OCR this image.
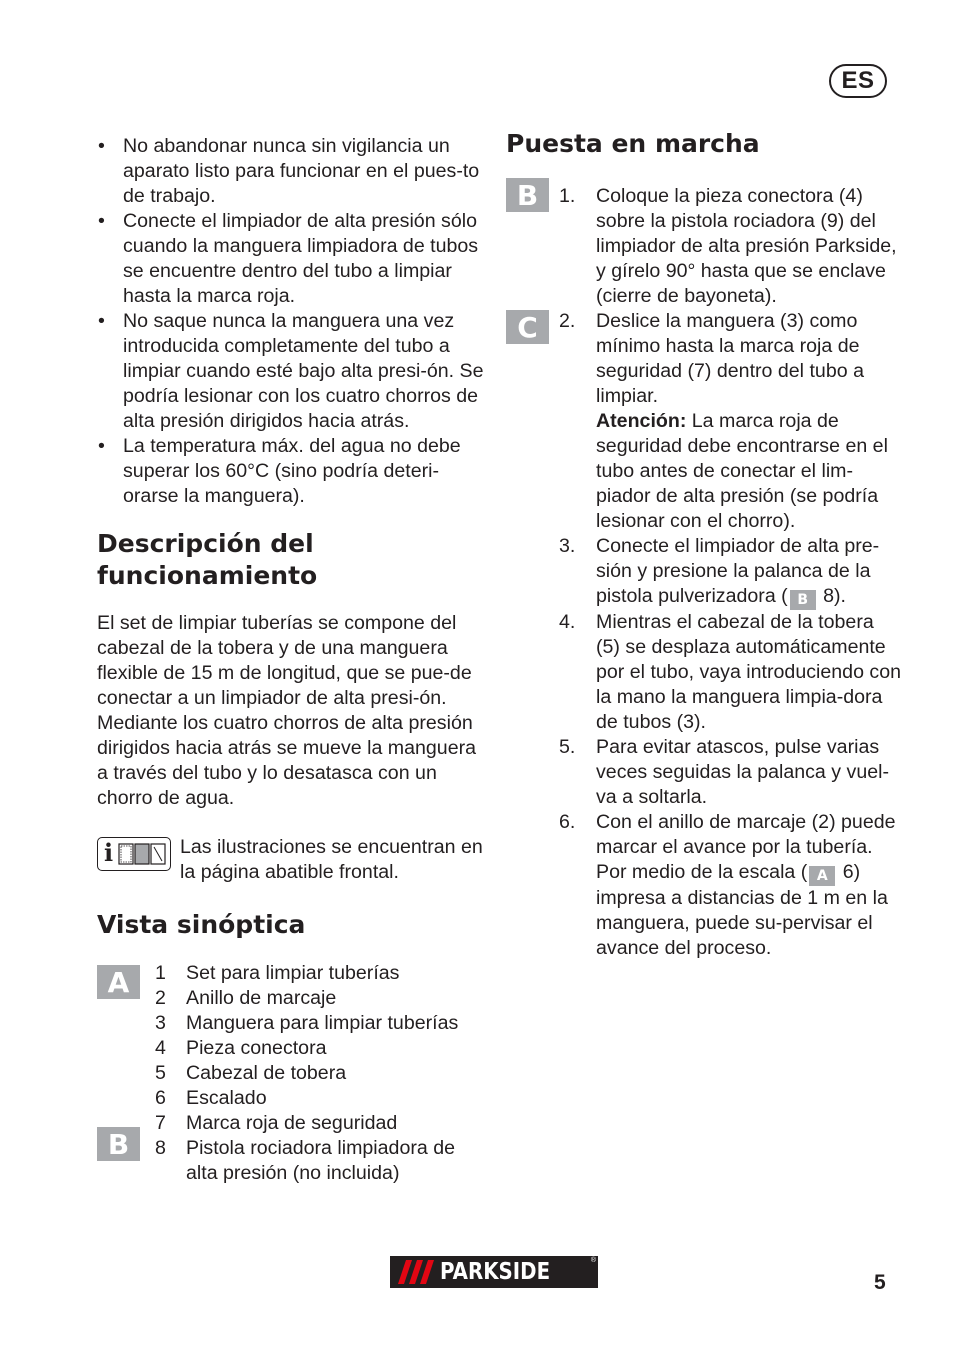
ES
• No abandonar nunca sin vigilancia un aparato listo para funcionar en el pues-to de trabajo.
• Conecte el limpiador de alta presión sólo cuando la manguera limpiadora de tubos se encuentre dentro del tubo a limpiar hasta la marca roja.
• No saque nunca la manguera una vez introducida completamente del tubo a limpiar cuando esté bajo alta presi-ón. Se podría lesionar con los cuatro chorros de alta presión dirigidos hacia atrás.
• La temperatura máx. del agua no debe superar los 60°C (sino podría deteri-orarse la manguera).
Descripción del
funcionamiento

El set de limpiar tuberías se compone del cabezal de la tobera y de una manguera flexible de 15 m de longitud, que se pue-de conectar a un limpiador de alta presi-ón. Mediante los cuatro chorros de alta presión dirigidos hacia atrás se mueve la manguera a través del tubo y lo desatasca con un chorro de agua.

i	Las ilustraciones se encuentran en la página abatible frontal.
Vista sinóptica
A
B
1	Set para limpiar tuberías
2	Anillo de marcaje
3	Manguera para limpiar tuberías
4	Pieza conectora
5	Cabezal de tobera
6	Escalado
7	Marca roja de seguridad
8	Pistola rociadora limpiadora de alta presión (no incluida)
Puesta en marcha
B
C
1.	Coloque la pieza conectora (4) sobre la pistola rociadora (9) del limpiador de alta presión Parkside, y gírelo 90° hasta que se enclave (cierre de bayoneta).
2.	Deslice la manguera (3) como mínimo hasta la marca roja de seguridad (7) dentro del tubo a limpiar.
Atención: La marca roja de seguridad debe encontrarse en el tubo antes de conectar el lim-piador de alta presión (se podría lesionar con el chorro).
3.	Conecte el limpiador de alta pre-sión y presione la palanca de la pistola pulverizadora ( B 8).
4.	Mientras el cabezal de la tobera (5) se desplaza automáticamente por el tubo, vaya introduciendo con la mano la manguera limpia-dora de tubos (3).
5.	Para evitar atascos, pulse varias veces seguidas la palanca y vuel-va a soltarla.
6.	Con el anillo de marcaje (2) puede marcar el avance por la tubería. Por medio de la escala ( A 6) impresa a distancias de 1 m en la manguera, puede su-pervisar el avance del proceso.
PARKSIDE	®
5
